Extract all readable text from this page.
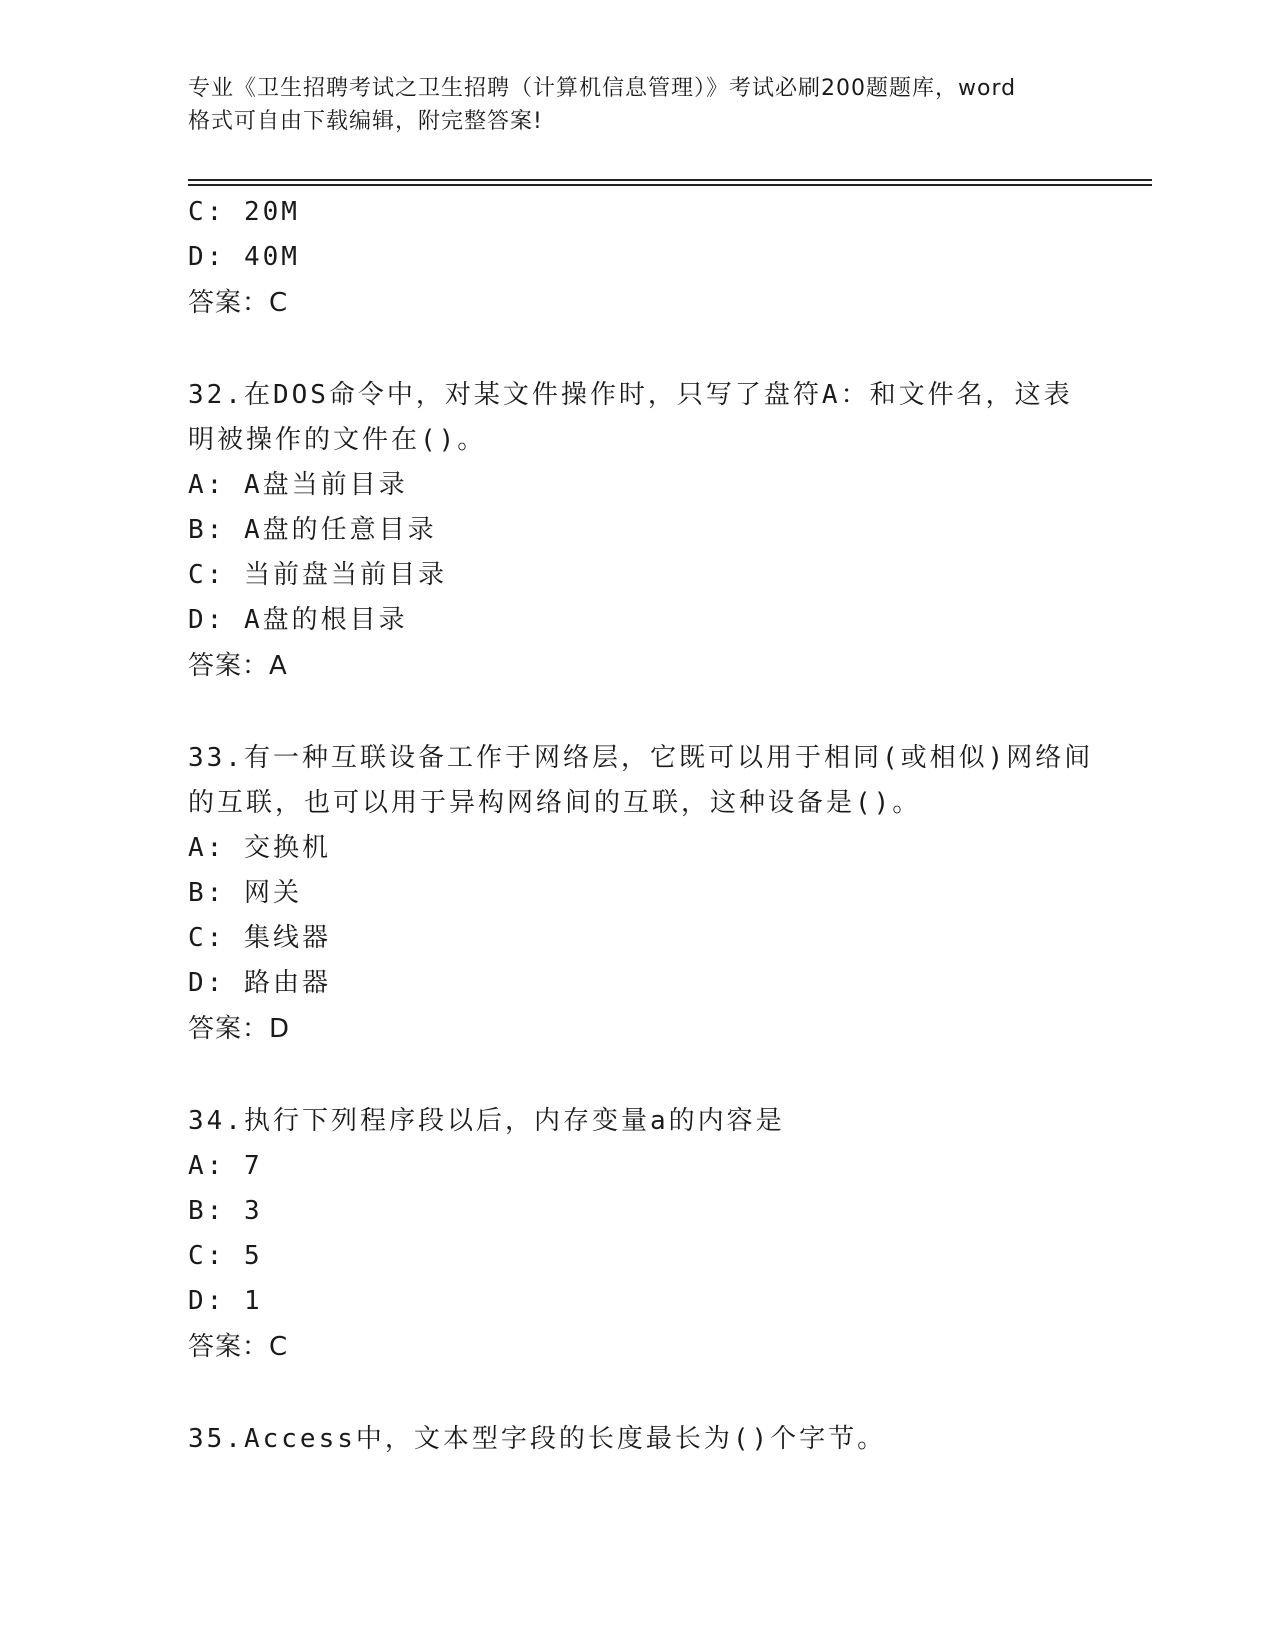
专业《卫生招聘考试之卫生招聘（计算机信息管理）》考试必刷200题题库，word
格式可自由下载编辑，附完整答案!
C: 20M
D: 40M
答案：C
32.在DOS命令中，对某文件操作时，只写了盘符A：和文件名，这表
明被操作的文件在()。
A: A盘当前目录
B: A盘的任意目录
C: 当前盘当前目录
D: A盘的根目录
答案：A
33.有一种互联设备工作于网络层，它既可以用于相同(或相似)网络间
的互联，也可以用于异构网络间的互联，这种设备是()。
A: 交换机
B: 网关
C: 集线器
D: 路由器
答案：D
34.执行下列程序段以后，内存变量a的内容是
A: 7
B: 3
C: 5
D: 1
答案：C
35.Access中，文本型字段的长度最长为()个字节。
